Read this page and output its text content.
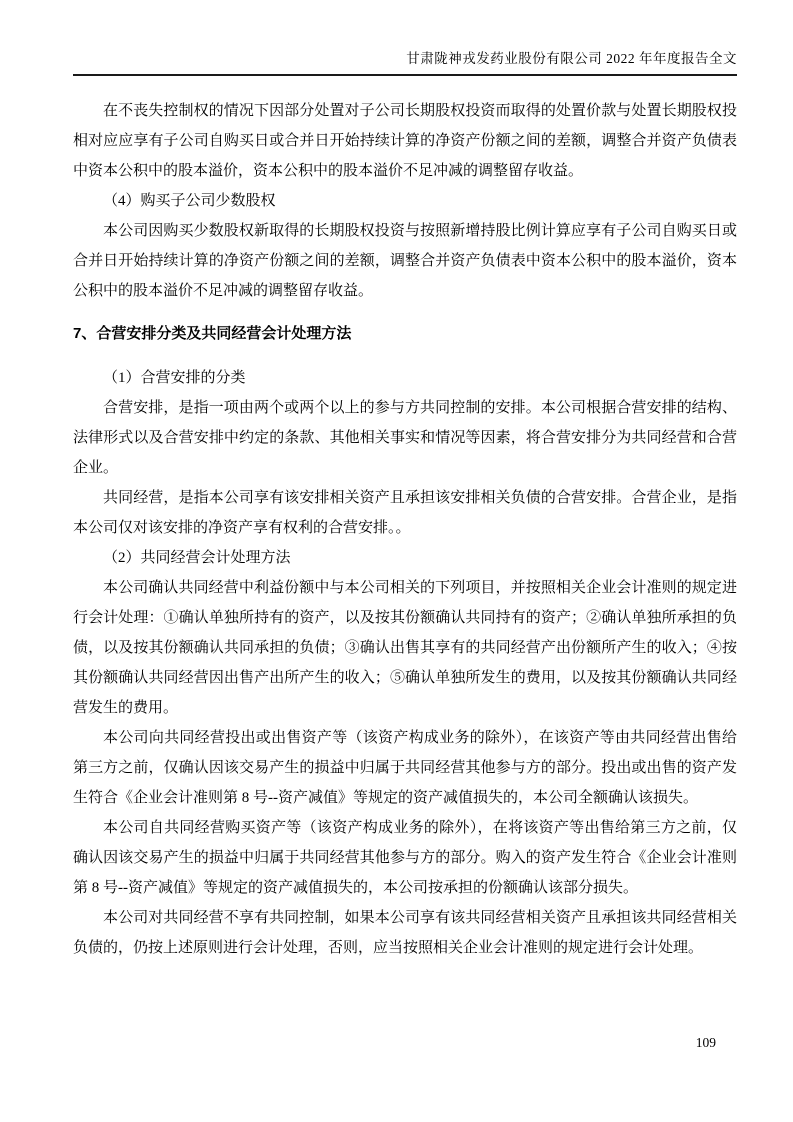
甘肃陇神戎发药业股份有限公司 2022 年年度报告全文

在不丧失控制权的情况下因部分处置对子公司长期股权投资而取得的处置价款与处置长期股权投相对应应享有子公司自购买日或合并日开始持续计算的净资产份额之间的差额，调整合并资产负债表中资本公积中的股本溢价，资本公积中的股本溢价不足冲减的调整留存收益。

（4）购买子公司少数股权

本公司因购买少数股权新取得的长期股权投资与按照新增持股比例计算应享有子公司自购买日或合并日开始持续计算的净资产份额之间的差额，调整合并资产负债表中资本公积中的股本溢价，资本公积中的股本溢价不足冲减的调整留存收益。

7、合营安排分类及共同经营会计处理方法

（1）合营安排的分类

合营安排，是指一项由两个或两个以上的参与方共同控制的安排。本公司根据合营安排的结构、法律形式以及合营安排中约定的条款、其他相关事实和情况等因素，将合营安排分为共同经营和合营企业。

共同经营，是指本公司享有该安排相关资产且承担该安排相关负债的合营安排。合营企业，是指本公司仅对该安排的净资产享有权利的合营安排。。

（2）共同经营会计处理方法

本公司确认共同经营中利益份额中与本公司相关的下列项目，并按照相关企业会计准则的规定进行会计处理：①确认单独所持有的资产，以及按其份额确认共同持有的资产；②确认单独所承担的负债，以及按其份额确认共同承担的负债；③确认出售其享有的共同经营产出份额所产生的收入；④按其份额确认共同经营因出售产出所产生的收入；⑤确认单独所发生的费用，以及按其份额确认共同经营发生的费用。

本公司向共同经营投出或出售资产等（该资产构成业务的除外），在该资产等由共同经营出售给第三方之前，仅确认因该交易产生的损益中归属于共同经营其他参与方的部分。投出或出售的资产发生符合《企业会计准则第 8 号--资产减值》等规定的资产减值损失的，本公司全额确认该损失。

本公司自共同经营购买资产等（该资产构成业务的除外），在将该资产等出售给第三方之前，仅确认因该交易产生的损益中归属于共同经营其他参与方的部分。购入的资产发生符合《企业会计准则第 8 号--资产减值》等规定的资产减值损失的，本公司按承担的份额确认该部分损失。

本公司对共同经营不享有共同控制，如果本公司享有该共同经营相关资产且承担该共同经营相关负债的，仍按上述原则进行会计处理，否则，应当按照相关企业会计准则的规定进行会计处理。

109
